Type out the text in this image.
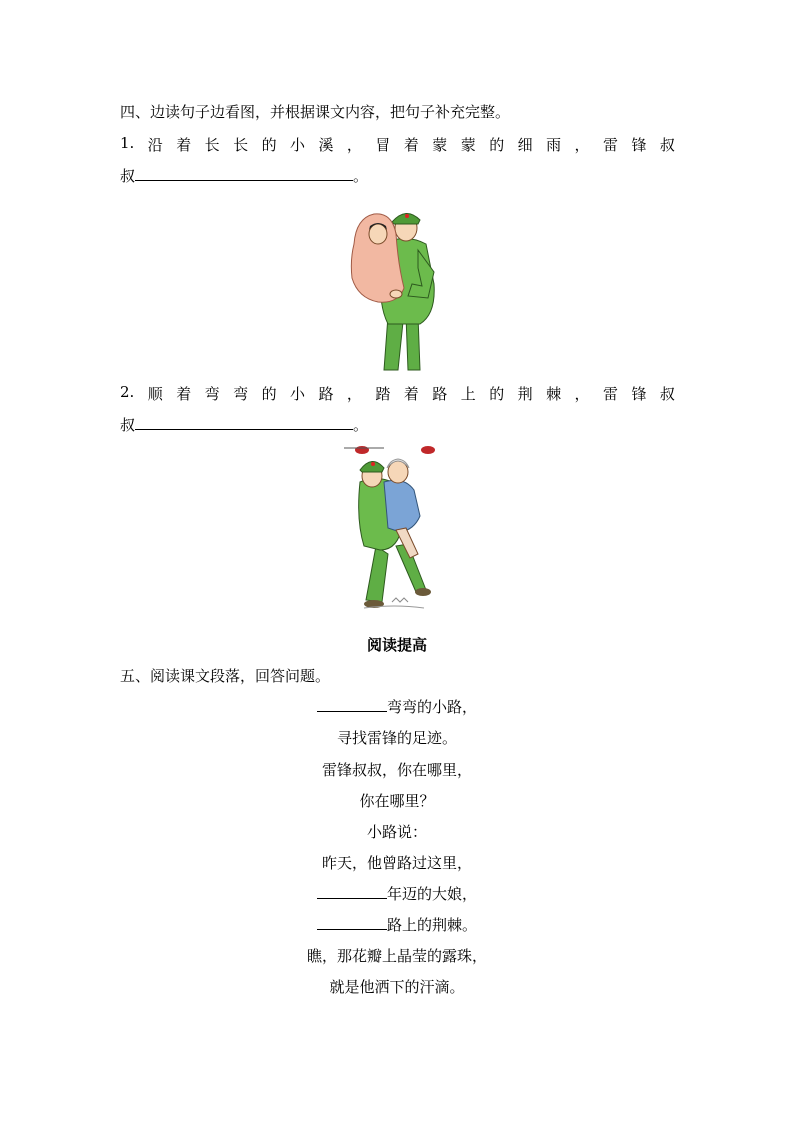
四、边读句子边看图，并根据课文内容，把句子补充完整。
1. 沿 着 长 长 的 小 溪 ， 冒 着 蒙 蒙 的 细 雨 ， 雷 锋 叔
叔	。
2. 顺 着 弯 弯 的 小 路 ， 踏 着 路 上 的 荆 棘 ， 雷 锋 叔
叔	。
阅读提高
五、阅读课文段落，回答问题。
弯弯的小路，
寻找雷锋的足迹。
雷锋叔叔，你在哪里，
你在哪里？
小路说：
昨天，他曾路过这里，
年迈的大娘，
路上的荆棘。
瞧，那花瓣上晶莹的露珠，
就是他洒下的汗滴。
